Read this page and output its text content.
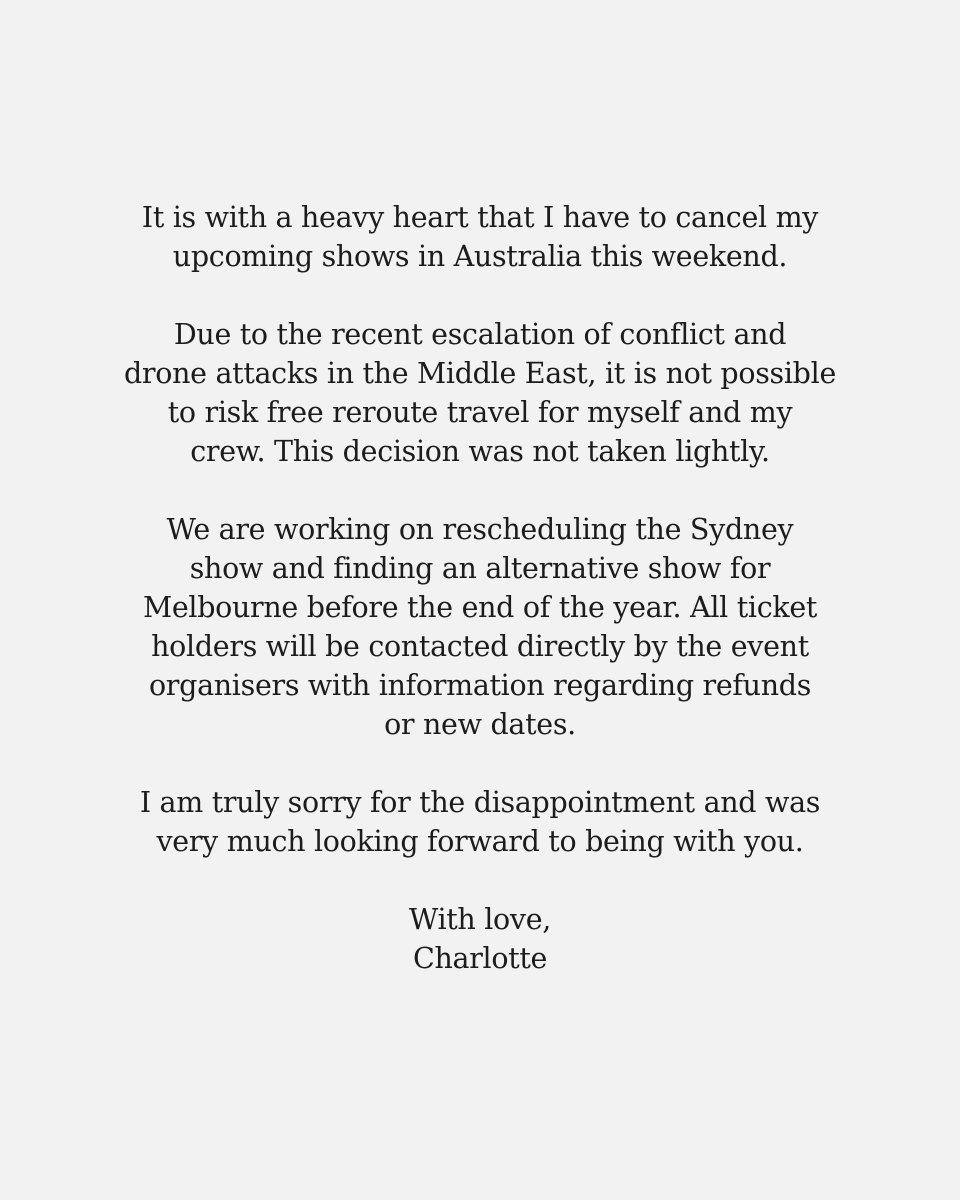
It is with a heavy heart that I have to cancel my
upcoming shows in Australia this weekend.

Due to the recent escalation of conflict and
drone attacks in the Middle East, it is not possible
to risk free reroute travel for myself and my
crew. This decision was not taken lightly.

We are working on rescheduling the Sydney
show and finding an alternative show for
Melbourne before the end of the year. All ticket
holders will be contacted directly by the event
organisers with information regarding refunds
or new dates.

I am truly sorry for the disappointment and was
very much looking forward to being with you.

With love,
Charlotte
